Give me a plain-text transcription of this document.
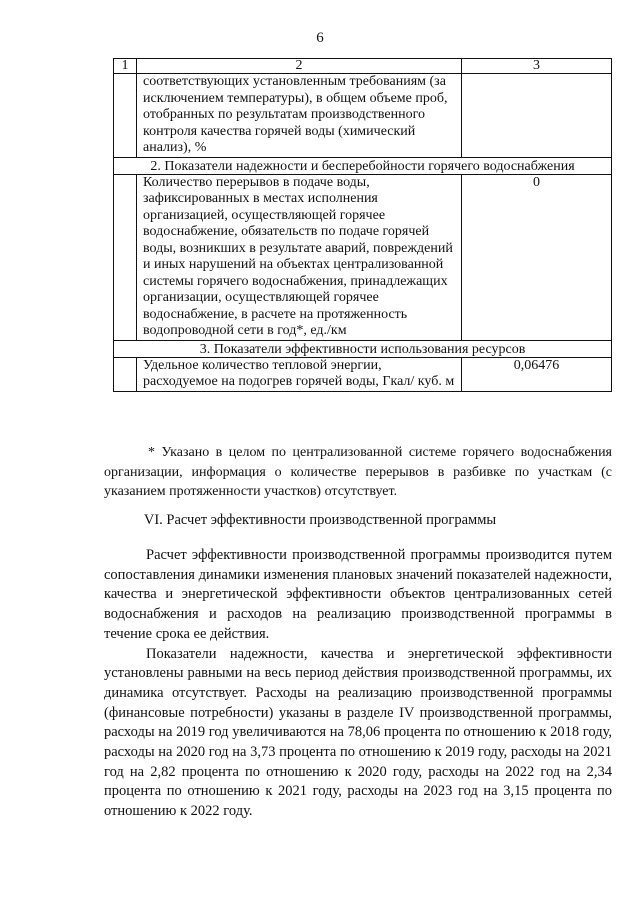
6
1	2	3
	соответствующих установленным требованиям (за исключением температуры), в общем объеме проб, отобранных по результатам производственного контроля качества горячей воды (химический анализ), %	
2. Показатели надежности и бесперебойности горячего водоснабжения		
	Количество перерывов в подаче воды, зафиксированных в местах исполнения организацией, осуществляющей горячее водоснабжение, обязательств по подаче горячей воды, возникших в результате аварий, повреждений и иных нарушений на объектах централизованной системы горячего водоснабжения, принадлежащих организации, осуществляющей горячее водоснабжение, в расчете на протяженность водопроводной сети в год*, ед./км	0
3. Показатели эффективности использования ресурсов		
	Удельное количество тепловой энергии, расходуемое на подогрев горячей воды, Гкал/ куб. м	0,06476

* Указано в целом по централизованной системе горячего водоснабжения организации, информация о количестве перерывов в разбивке по участкам (с указанием протяженности участков) отсутствует.

VI. Расчет эффективности производственной программы

Расчет эффективности производственной программы производится путем сопоставления динамики изменения плановых значений показателей надежности, качества и энергетической эффективности объектов централизованных сетей водоснабжения и расходов на реализацию производственной программы в течение срока ее действия.

Показатели надежности, качества и энергетической эффективности установлены равными на весь период действия производственной программы, их динамика отсутствует. Расходы на реализацию производственной программы (финансовые потребности) указаны в разделе IV производственной программы, расходы на 2019 год увеличиваются на 78,06 процента по отношению к 2018 году, расходы на 2020 год на 3,73 процента по отношению к 2019 году, расходы на 2021 год на 2,82 процента по отношению к 2020 году, расходы на 2022 год на 2,34 процента по отношению к 2021 году, расходы на 2023 год на 3,15 процента по отношению к 2022 году.
